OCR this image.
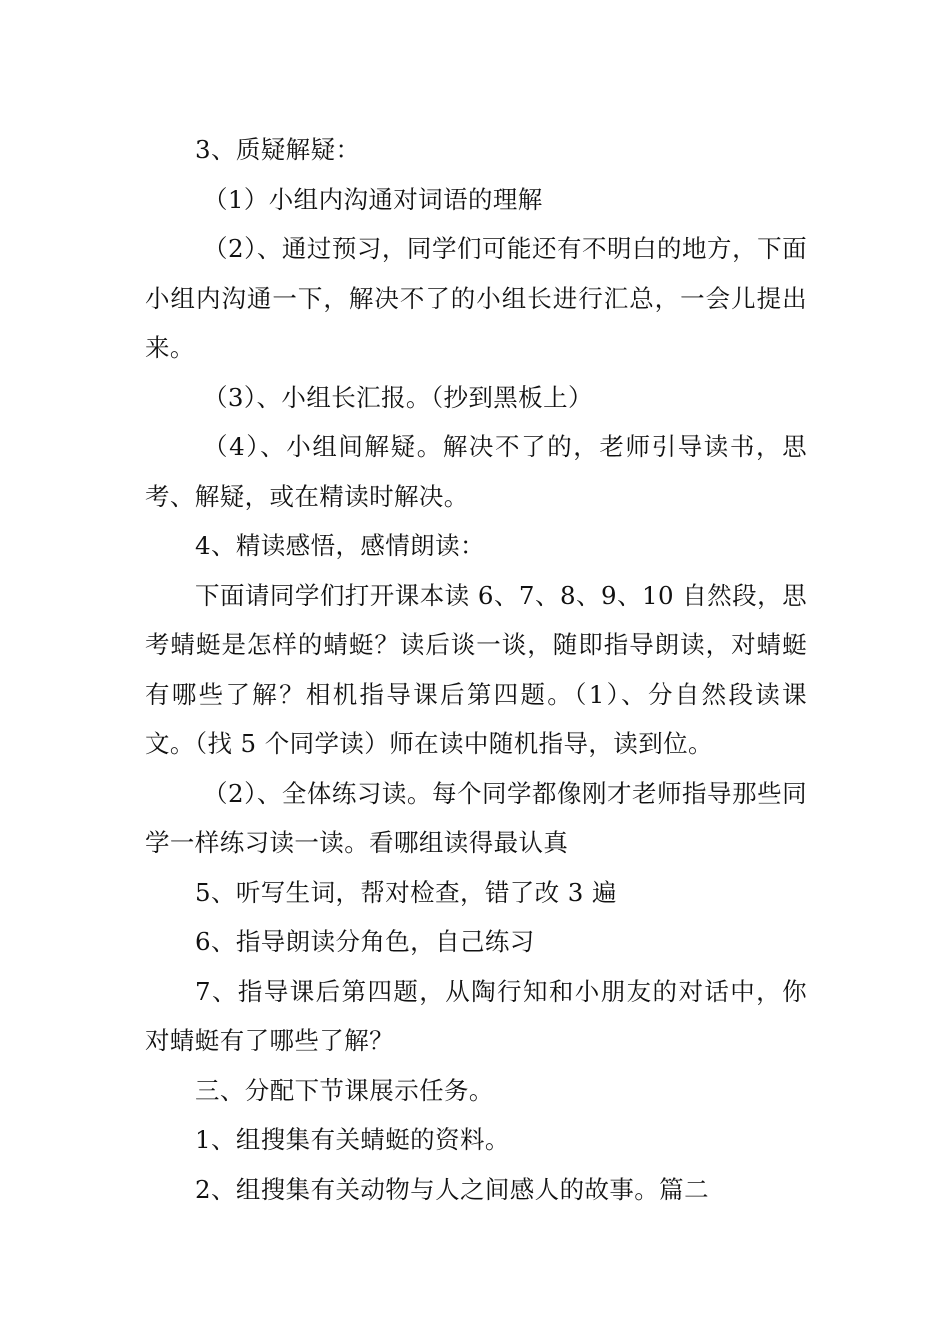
3、质疑解疑：

（1）小组内沟通对词语的理解

（2）、通过预习，同学们可能还有不明白的地方，下面小组内沟通一下，解决不了的小组长进行汇总，一会儿提出来。

（3）、小组长汇报。（抄到黑板上）

（4）、小组间解疑。解决不了的，老师引导读书，思考、解疑，或在精读时解决。

4、精读感悟，感情朗读：

下面请同学们打开课本读 6、7、8、9、10 自然段，思考蜻蜓是怎样的蜻蜓？读后谈一谈，随即指导朗读，对蜻蜓有哪些了解？相机指导课后第四题。（1）、分自然段读课文。（找 5 个同学读）师在读中随机指导，读到位。

（2）、全体练习读。每个同学都像刚才老师指导那些同学一样练习读一读。看哪组读得最认真

5、听写生词，帮对检查，错了改 3 遍

6、指导朗读分角色，自己练习

7、指导课后第四题，从陶行知和小朋友的对话中，你对蜻蜓有了哪些了解？

三、分配下节课展示任务。

1、组搜集有关蜻蜓的资料。

2、组搜集有关动物与人之间感人的故事。篇二
